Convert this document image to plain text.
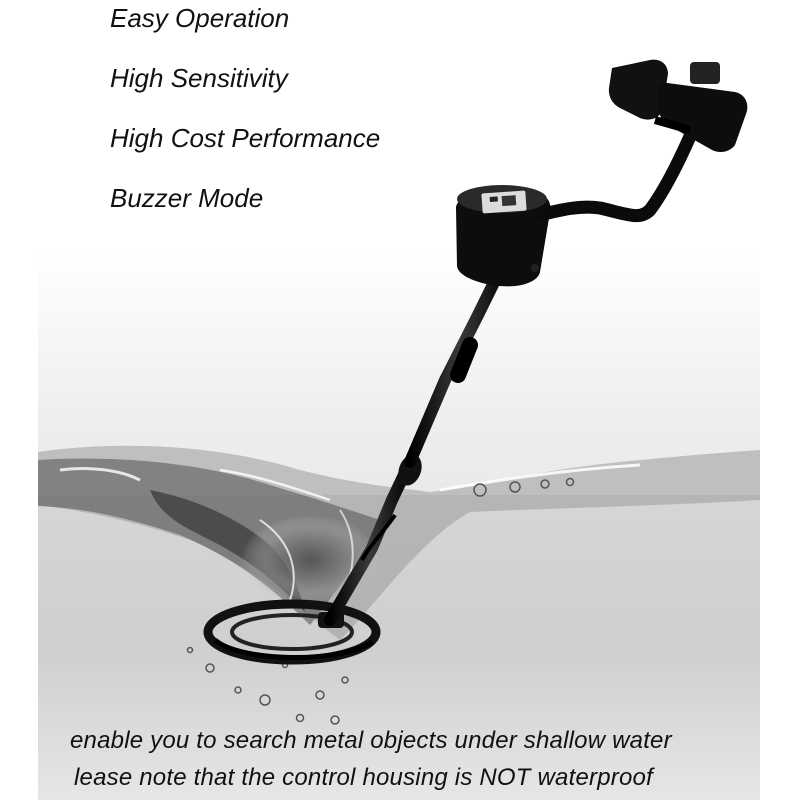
Easy Operation
High Sensitivity
High Cost Performance
Buzzer Mode
enable you to search metal objects under shallow water
lease note that the control housing is NOT waterproof
